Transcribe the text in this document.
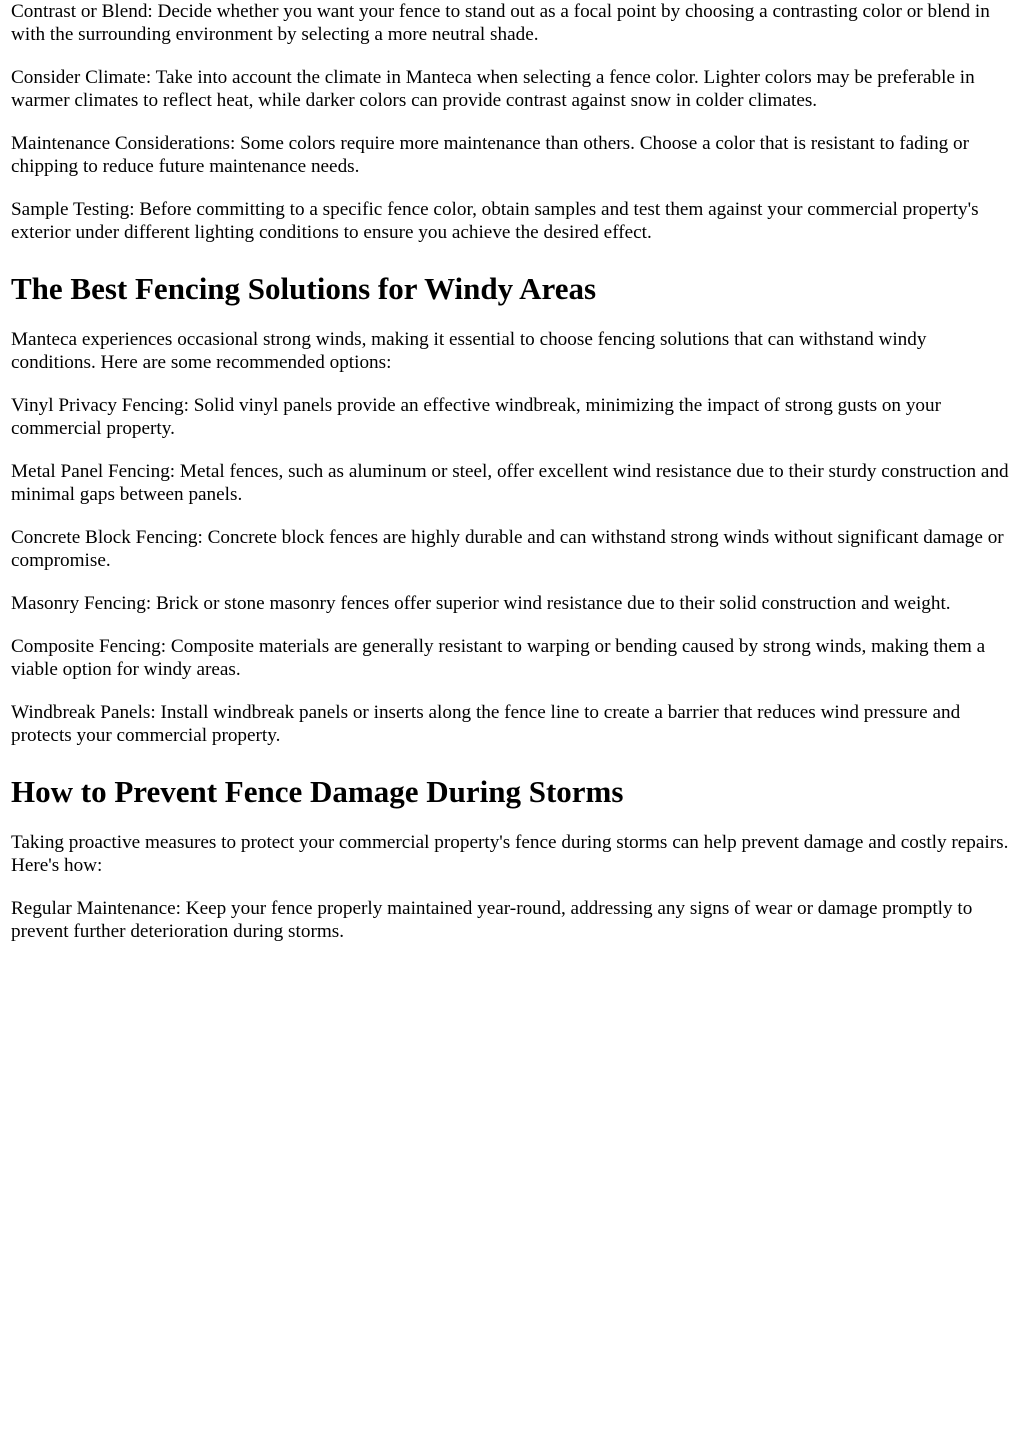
Contrast or Blend: Decide whether you want your fence to stand out as a focal point by choosing a contrasting color or blend in with the surrounding environment by selecting a more neutral shade.

Consider Climate: Take into account the climate in Manteca when selecting a fence color. Lighter colors may be preferable in warmer climates to reflect heat, while darker colors can provide contrast against snow in colder climates.

Maintenance Considerations: Some colors require more maintenance than others. Choose a color that is resistant to fading or chipping to reduce future maintenance needs.

Sample Testing: Before committing to a specific fence color, obtain samples and test them against your commercial property's exterior under different lighting conditions to ensure you achieve the desired effect.

The Best Fencing Solutions for Windy Areas

Manteca experiences occasional strong winds, making it essential to choose fencing solutions that can withstand windy conditions. Here are some recommended options:

Vinyl Privacy Fencing: Solid vinyl panels provide an effective windbreak, minimizing the impact of strong gusts on your commercial property.

Metal Panel Fencing: Metal fences, such as aluminum or steel, offer excellent wind resistance due to their sturdy construction and minimal gaps between panels.

Concrete Block Fencing: Concrete block fences are highly durable and can withstand strong winds without significant damage or compromise.

Masonry Fencing: Brick or stone masonry fences offer superior wind resistance due to their solid construction and weight.

Composite Fencing: Composite materials are generally resistant to warping or bending caused by strong winds, making them a viable option for windy areas.

Windbreak Panels: Install windbreak panels or inserts along the fence line to create a barrier that reduces wind pressure and protects your commercial property.

How to Prevent Fence Damage During Storms

Taking proactive measures to protect your commercial property's fence during storms can help prevent damage and costly repairs. Here's how:

Regular Maintenance: Keep your fence properly maintained year-round, addressing any signs of wear or damage promptly to prevent further deterioration during storms.
